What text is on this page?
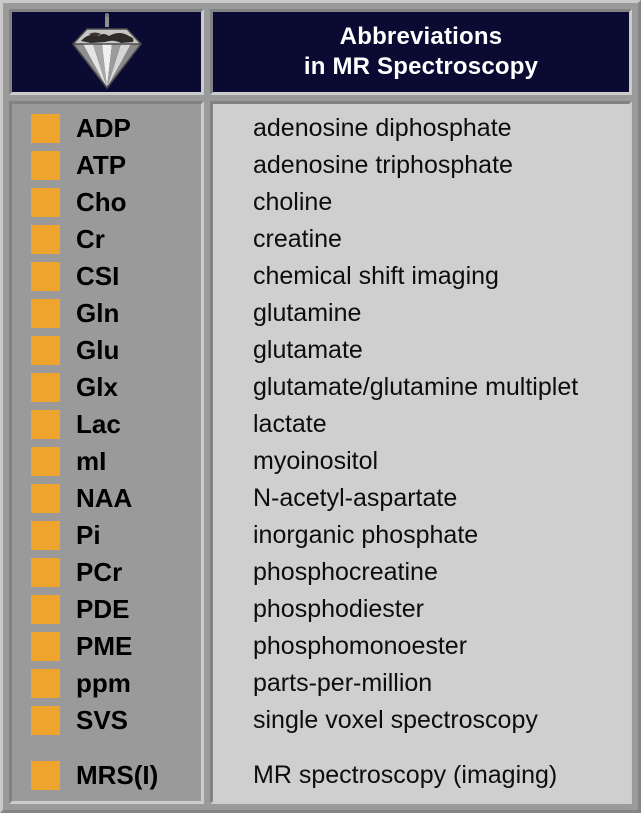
Abbreviations
in MR Spectroscopy
ADP
ATP
Cho
Cr
CSI
Gln
Glu
Glx
Lac
mI
NAA
Pi
PCr
PDE
PME
ppm
SVS
MRS(I)
adenosine diphosphate
adenosine triphosphate
choline
creatine
chemical shift imaging
glutamine
glutamate
glutamate/glutamine multiplet
lactate
myoinositol
N-acetyl-aspartate
inorganic phosphate
phosphocreatine
phosphodiester
phosphomonoester
parts-per-million
single voxel spectroscopy
MR spectroscopy (imaging)
